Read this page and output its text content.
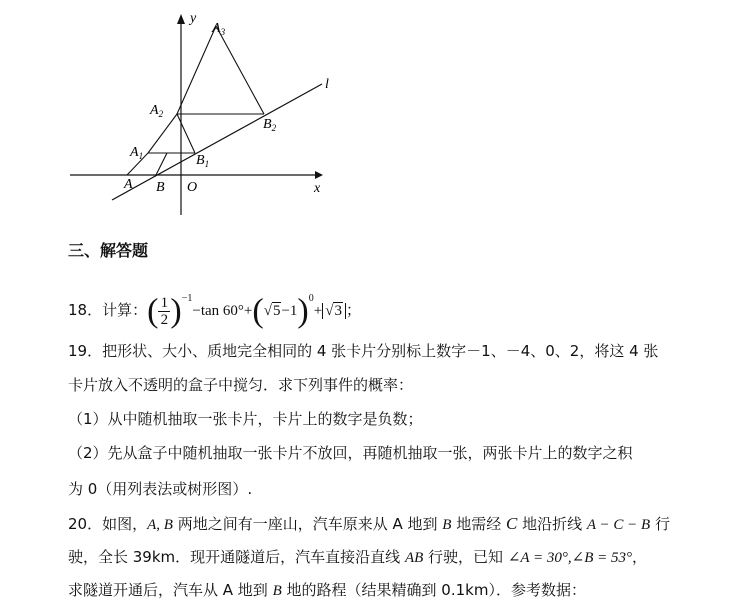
y
x
l
O
A B
$A_1$	$B_1$
$A_2$
$B_2$
$A_3$
三、解答题
18．计算：( $\frac{1}{2} )^{-1}-\tan$ $60^\circ+(√5-1)^0+ √3$ ；
19．把形状、大小、质地完全相同的 4 张卡片分别标上数字－1、－4、0、2，将这 4 张
卡片放入不透明的盒子中搅匀．求下列事件的概率：
（1）从中随机抽取一张卡片，卡片上的数字是负数；
（2）先从盒子中随机抽取一张卡片不放回，再随机抽取一张，两张卡片上的数字之积
为 0（用列表法或树形图）.
20．如图，A, B 两地之间有一座山，汽车原来从 A 地到 B 地需经 C 地沿折线 A − C − B 行
驶，全长 39km．现开通隧道后，汽车直接沿直线 AB 行驶，已知 ∠A = 30°,∠B = 53°，
求隧道开通后，汽车从 A 地到 B 地的路程（结果精确到 0.1km）．参考数据：
